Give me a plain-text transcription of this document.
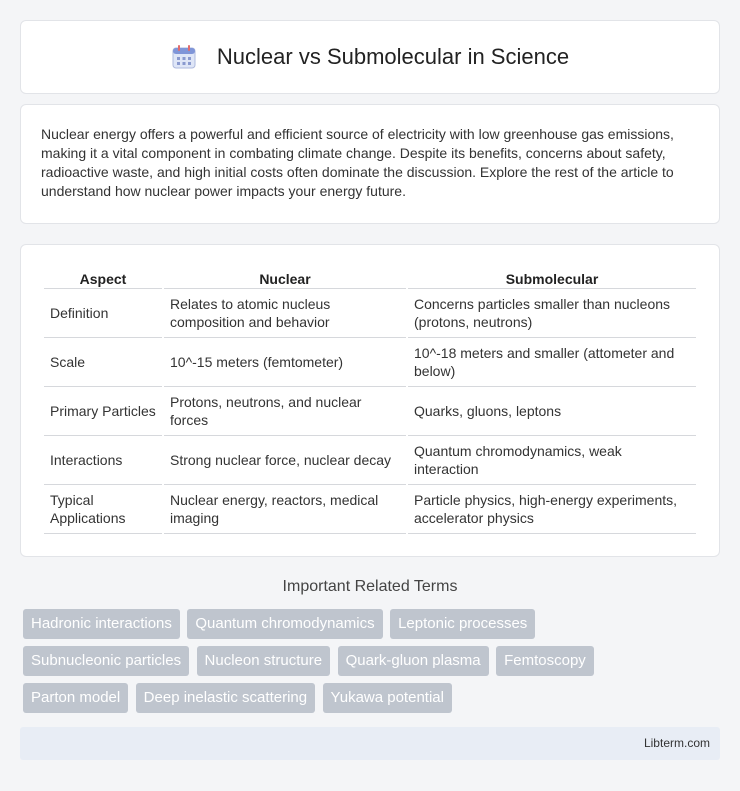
Nuclear vs Submolecular in Science

Nuclear energy offers a powerful and efficient source of electricity with low greenhouse gas emissions, making it a vital component in combating climate change. Despite its benefits, concerns about safety, radioactive waste, and high initial costs often dominate the discussion. Explore the rest of the article to understand how nuclear power impacts your energy future.

Aspect	Nuclear	Submolecular
Definition	Relates to atomic nucleus composition and behavior	Concerns particles smaller than nucleons (protons, neutrons)
Scale	10^-15 meters (femtometer)	10^-18 meters and smaller (attometer and below)
Primary Particles	Protons, neutrons, and nuclear forces	Quarks, gluons, leptons
Interactions	Strong nuclear force, nuclear decay	Quantum chromodynamics, weak interaction
Typical Applications	Nuclear energy, reactors, medical imaging	Particle physics, high-energy experiments, accelerator physics
Important Related Terms
Hadronic interactions Quantum chromodynamics Leptonic processes
Subnucleonic particles Nucleon structure Quark-gluon plasma Femtoscopy
Parton model Deep inelastic scattering Yukawa potential
Libterm.com
